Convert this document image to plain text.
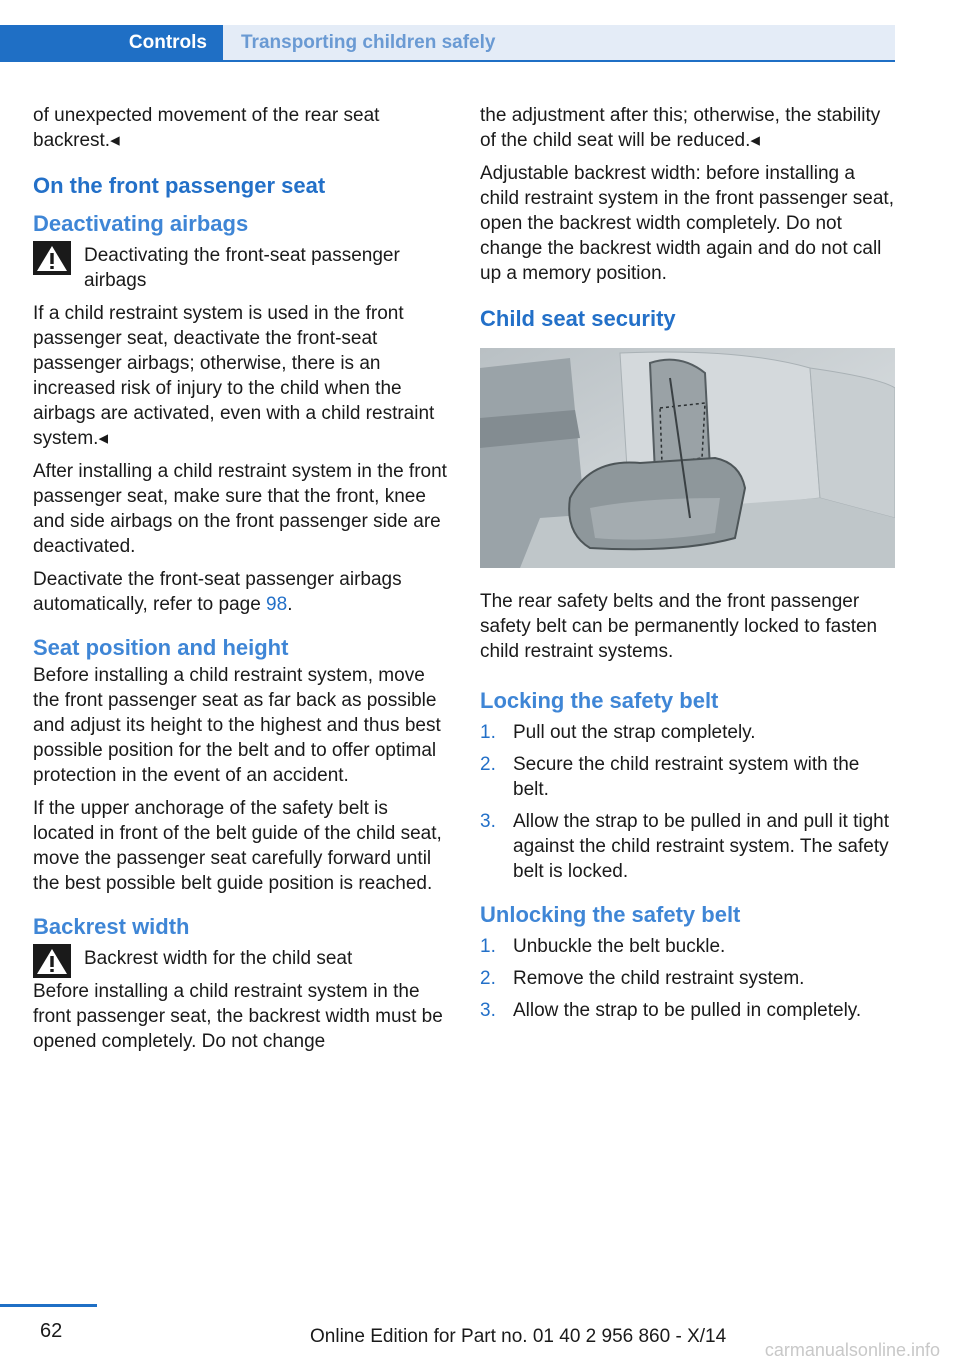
Controls	Transporting children safely

of unexpected movement of the rear seat backrest.◂

On the front passenger seat
Deactivating airbags
Deactivating the front-seat passenger airbags

If a child restraint system is used in the front passenger seat, deactivate the front-seat passenger airbags; otherwise, there is an increased risk of injury to the child when the airbags are activated, even with a child restraint system.◂

After installing a child restraint system in the front passenger seat, make sure that the front, knee and side airbags on the front passenger side are deactivated.

Deactivate the front-seat passenger airbags automatically, refer to page 98.

Seat position and height

Before installing a child restraint system, move the front passenger seat as far back as possible and adjust its height to the highest and thus best possible position for the belt and to offer optimal protection in the event of an accident.

If the upper anchorage of the safety belt is located in front of the belt guide of the child seat, move the passenger seat carefully forward until the best possible belt guide position is reached.

Backrest width
Backrest width for the child seat

Before installing a child restraint system in the front passenger seat, the backrest width must be opened completely. Do not change

the adjustment after this; otherwise, the stability of the child seat will be reduced.◂

Adjustable backrest width: before installing a child restraint system in the front passenger seat, open the backrest width completely. Do not change the backrest width again and do not call up a memory position.

Child seat security

The rear safety belts and the front passenger safety belt can be permanently locked to fasten child restraint systems.

Locking the safety belt
1. Pull out the strap completely.
2. Secure the child restraint system with the belt.
3. Allow the strap to be pulled in and pull it tight against the child restraint system. The safety belt is locked.
Unlocking the safety belt
1. Unbuckle the belt buckle.
2. Remove the child restraint system.
3. Allow the strap to be pulled in completely.
62	Online Edition for Part no. 01 40 2 956 860 - X/14
carmanualsonline.info
